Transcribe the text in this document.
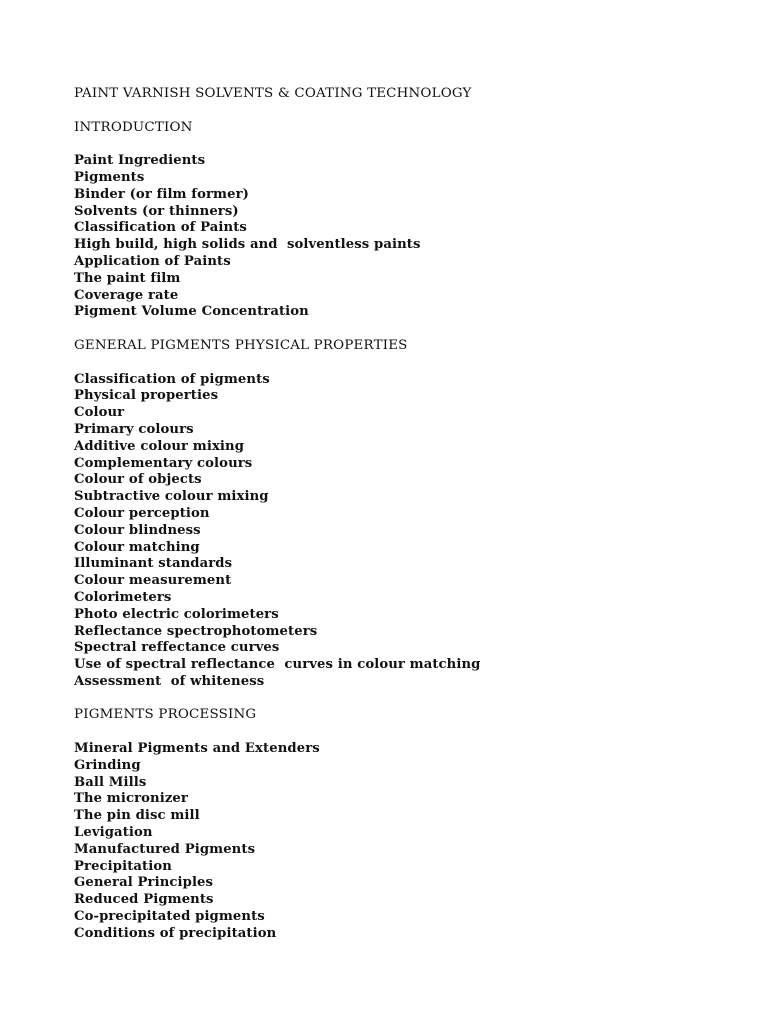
PAINT VARNISH SOLVENTS & COATING TECHNOLOGY
INTRODUCTION
Paint Ingredients
Pigments
Binder (or film former)
Solvents (or thinners)
Classification of Paints
High build, high solids and  solventless paints
Application of Paints
The paint film
Coverage rate
Pigment Volume Concentration
GENERAL PIGMENTS PHYSICAL PROPERTIES
Classification of pigments
Physical properties
Colour
Primary colours
Additive colour mixing
Complementary colours
Colour of objects
Subtractive colour mixing
Colour perception
Colour blindness
Colour matching
Illuminant standards
Colour measurement
Colorimeters
Photo electric colorimeters
Reflectance spectrophotometers
Spectral reffectance curves
Use of spectral reflectance  curves in colour matching
Assessment  of whiteness
PIGMENTS PROCESSING
Mineral Pigments and Extenders
Grinding
Ball Mills
The micronizer
The pin disc mill
Levigation
Manufactured Pigments
Precipitation
General Principles
Reduced Pigments
Co-precipitated pigments
Conditions of precipitation
